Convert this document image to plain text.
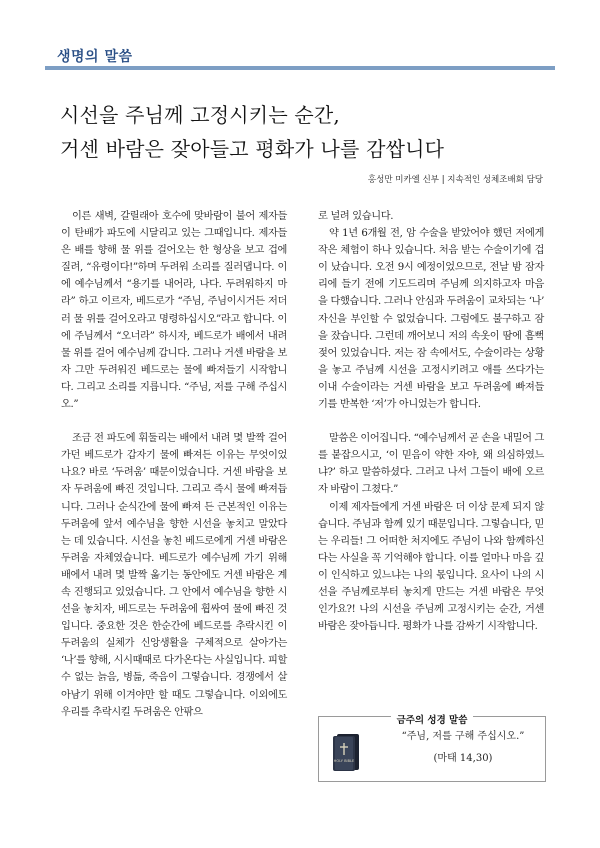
생명의 말씀
시선을 주님께 고정시키는 순간,
거센 바람은 잦아들고 평화가 나를 감쌉니다
홍성만 미카엘 신부 | 지속적인 성체조배회 담당

이른 새벽, 갈릴래아 호수에 맞바람이 불어 제자들이 탄배가 파도에 시달리고 있는 그때입니다. 제자들은 배를 향해 물 위를 걸어오는 한 형상을 보고 겁에 질려, “유령이다!”하며 두려워 소리를 질러댑니다. 이에 예수님께서 “용기를 내어라, 나다. 두려워하지 마라” 하고 이르자, 베드로가 “주님, 주님이시거든 저더러 물 위를 걸어오라고 명령하십시오”라고 합니다. 이에 주님께서 “오너라” 하시자, 베드로가 배에서 내려 물 위를 걸어 예수님께 갑니다. 그러나 거센 바람을 보자 그만 두려워진 베드로는 물에 빠져들기 시작합니다. 그리고 소리를 지릅니다. “주님, 저를 구해 주십시오.”

조금 전 파도에 휘둘리는 배에서 내려 몇 발짝 걸어가던 베드로가 갑자기 물에 빠져든 이유는 무엇이었나요? 바로 ‘두려움’ 때문이었습니다. 거센 바람을 보자 두려움에 빠진 것입니다. 그리고 즉시 물에 빠져듭니다. 그러나 순식간에 물에 빠져 든 근본적인 이유는 두려움에 앞서 예수님을 향한 시선을 놓치고 말았다는 데 있습니다. 시선을 놓친 베드로에게 거센 바람은 두려움 자체였습니다. 베드로가 예수님께 가기 위해 배에서 내려 몇 발짝 옮기는 동안에도 거센 바람은 계속 진행되고 있었습니다. 그 안에서 예수님을 향한 시선을 놓치자, 베드로는 두려움에 휩싸여 물에 빠진 것입니다. 중요한 것은 한순간에 베드로를 추락시킨 이 두려움의 실체가 신앙생활을 구체적으로 살아가는 ‘나’를 향해, 시시때때로 다가온다는 사실입니다. 피할 수 없는 늙음, 병듦, 죽음이 그렇습니다. 경쟁에서 살아남기 위해 이겨야만 할 때도 그렇습니다. 이외에도 우리를 추락시킬 두려움은 안팎으

로 널려 있습니다.

약 1년 6개월 전, 암 수술을 받았어야 했던 저에게 작은 체험이 하나 있습니다. 처음 받는 수술이기에 겁이 났습니다. 오전 9시 예정이었으므로, 전날 밤 잠자리에 들기 전에 기도드리며 주님께 의지하고자 마음을 다했습니다. 그러나 안심과 두려움이 교차되는 ‘나’ 자신을 부인할 수 없었습니다. 그럼에도 불구하고 잠을 잤습니다. 그런데 깨어보니 저의 속옷이 땀에 흠뻑 젖어 있었습니다. 저는 잠 속에서도, 수술이라는 상황을 놓고 주님께 시선을 고정시키려고 애를 쓰다가는 이내 수술이라는 거센 바람을 보고 두려움에 빠져들기를 반복한 ‘저’가 아니었는가 합니다.

말씀은 이어집니다. “예수님께서 곧 손을 내밀어 그를 붙잡으시고, ‘이 믿음이 약한 자야, 왜 의심하였느냐?’ 하고 말씀하셨다. 그러고 나서 그들이 배에 오르자 바람이 그쳤다.”

이제 제자들에게 거센 바람은 더 이상 문제 되지 않습니다. 주님과 함께 있기 때문입니다. 그렇습니다, 믿는 우리들! 그 어떠한 처지에도 주님이 나와 함께하신다는 사실을 꼭 기억해야 합니다. 이를 얼마나 마음 깊이 인식하고 있느냐는 나의 몫입니다. 요사이 나의 시선을 주님께로부터 놓치게 만드는 거센 바람은 무엇인가요?! 나의 시선을 주님께 고정시키는 순간, 거센 바람은 잦아듭니다. 평화가 나를 감싸기 시작합니다.

금주의 성경 말씀
HOLY BIBLE
“주님, 저를 구해 주십시오.”
(마태 14,30)
